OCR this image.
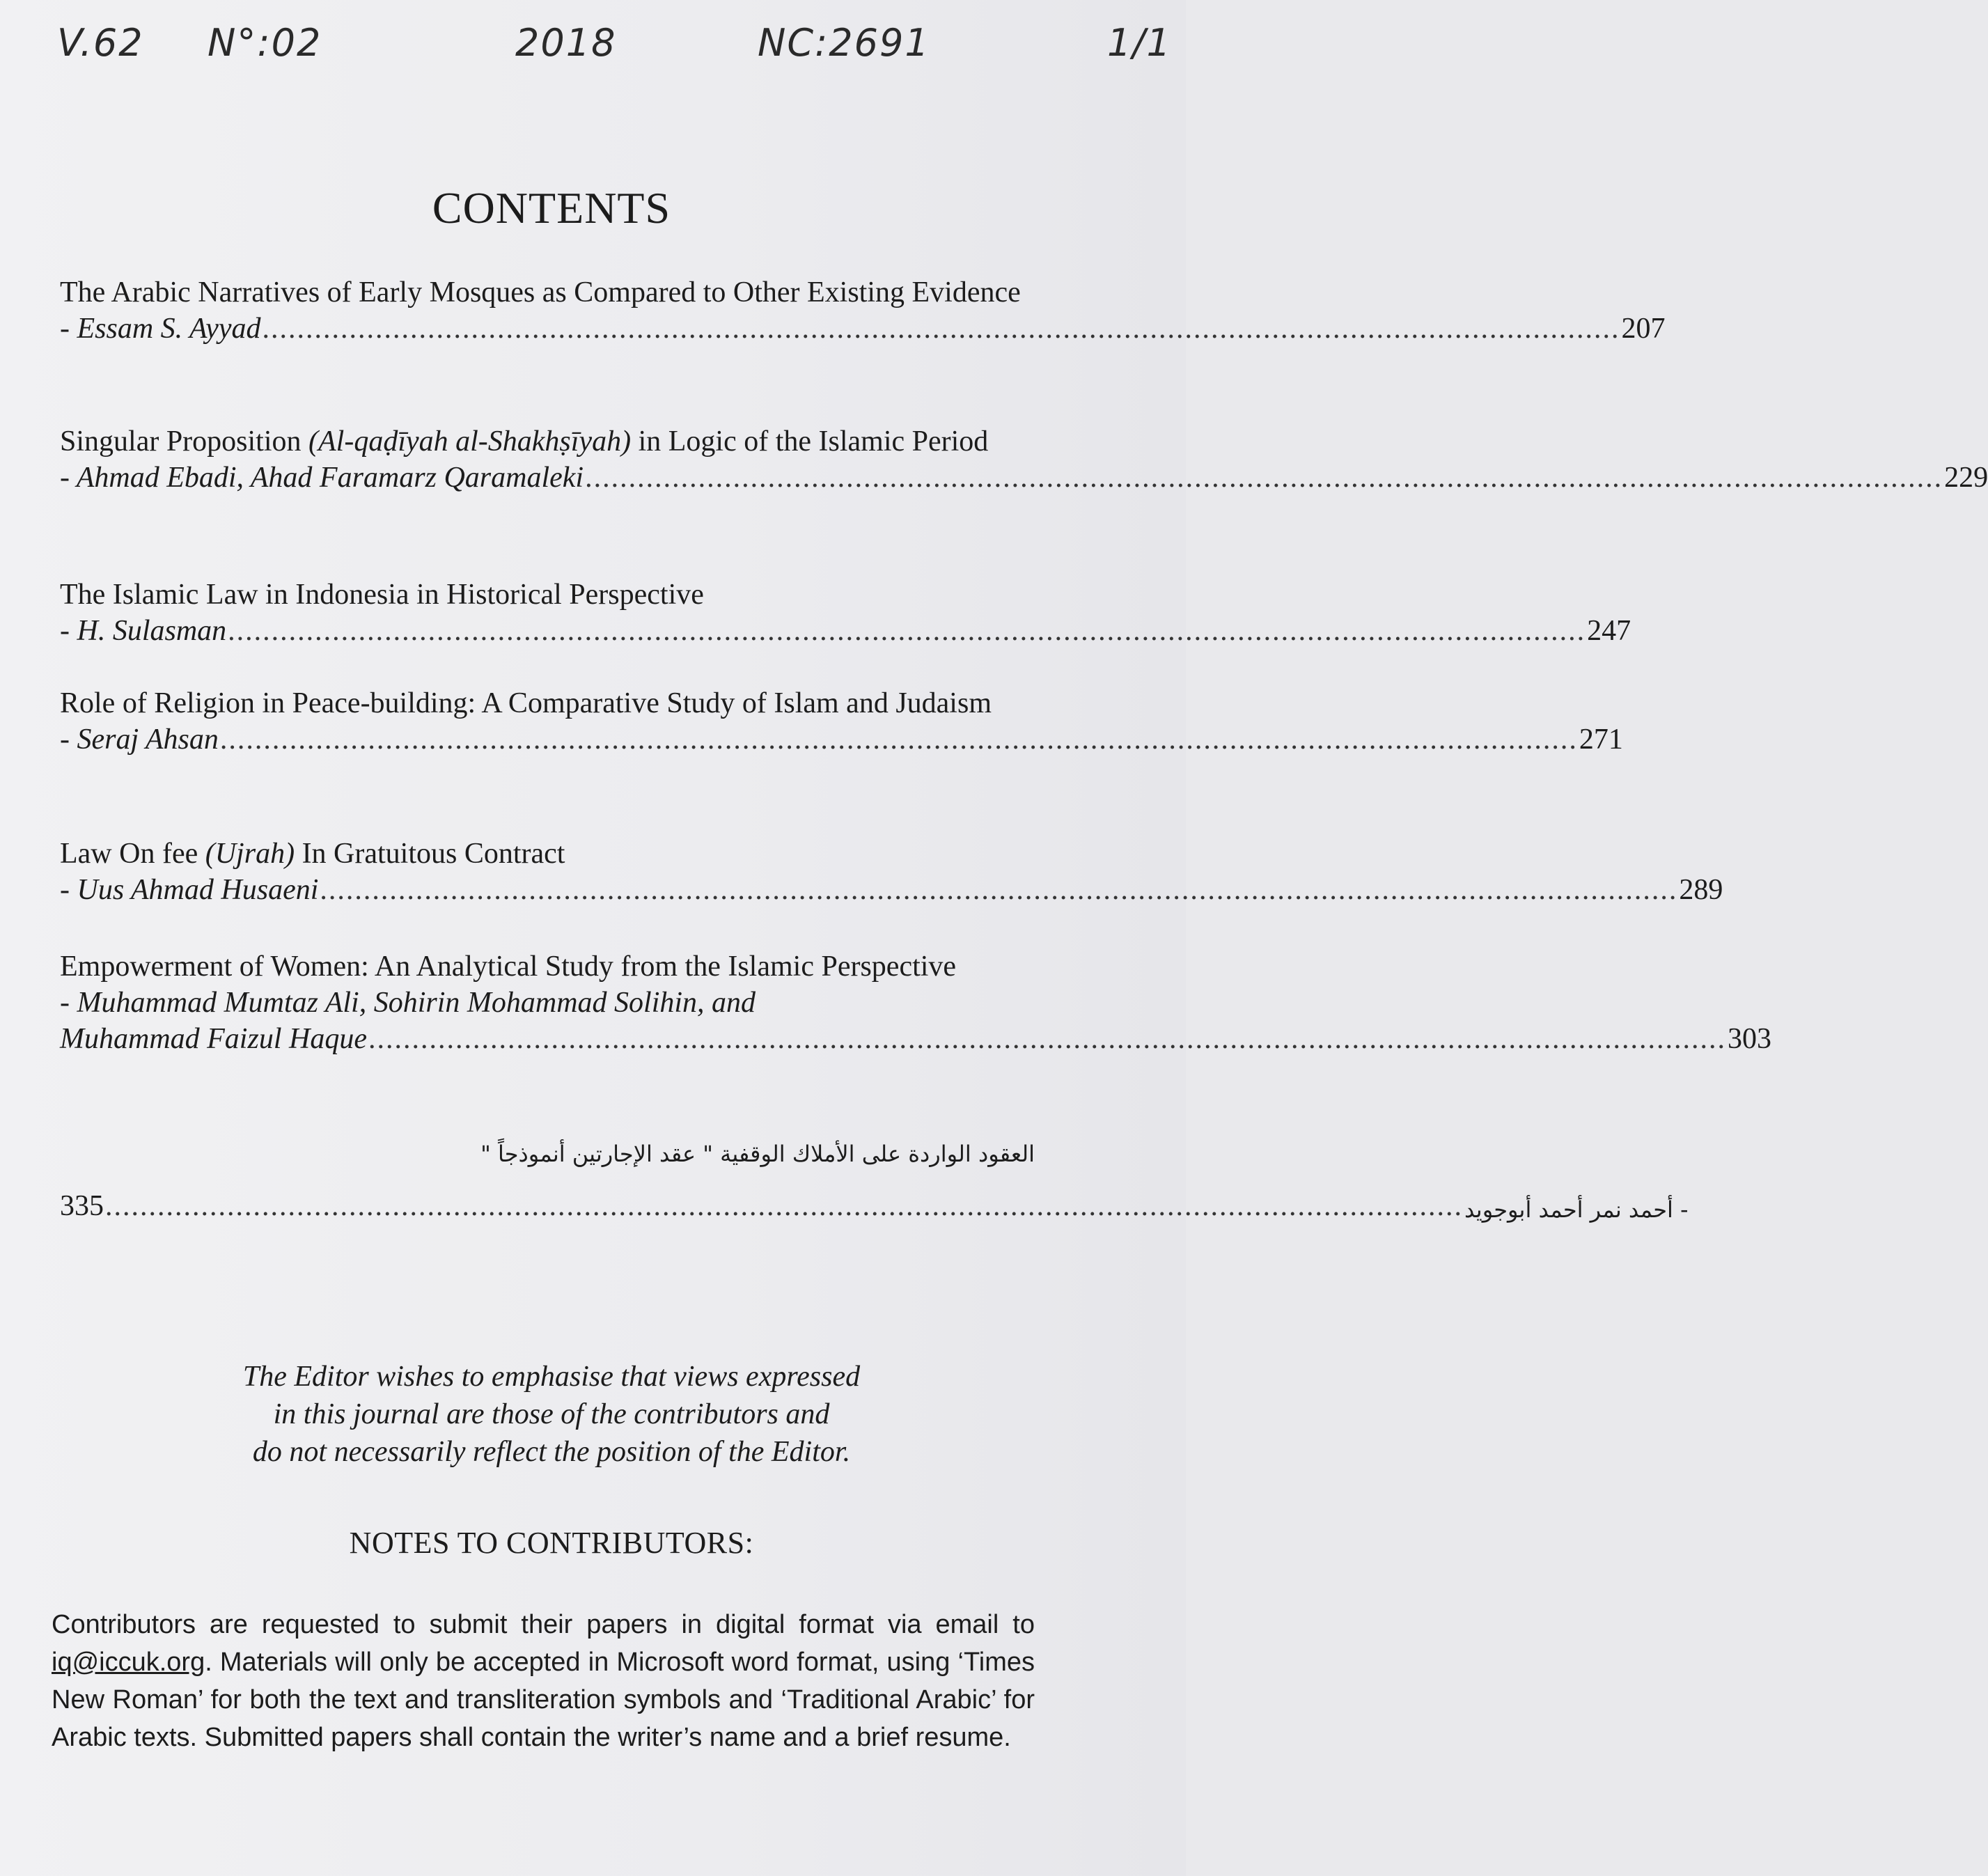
V.62 N°:02	2018	NC:2691	1/1
CONTENTS
The Arabic Narratives of Early Mosques as Compared to Other Existing Evidence
- Essam S. Ayyad ............................................................................................................................................................ 207
Singular Proposition (Al-qaḍīyah al-Shakhṣīyah) in Logic of the Islamic Period
- Ahmad Ebadi, Ahad Faramarz Qaramaleki ............................................................................................................................................................ 229
The Islamic Law in Indonesia in Historical Perspective
- H. Sulasman ............................................................................................................................................................ 247
Role of Religion in Peace-building: A Comparative Study of Islam and Judaism
- Seraj Ahsan ............................................................................................................................................................ 271
Law On fee (Ujrah) In Gratuitous Contract
- Uus Ahmad Husaeni ............................................................................................................................................................ 289
Empowerment of Women: An Analytical Study from the Islamic Perspective
- Muhammad Mumtaz Ali, Sohirin Mohammad Solihin, and
Muhammad Faizul Haque ............................................................................................................................................................ 303
العقود الواردة على الأملاك الوقفية " عقد الإجارتين أنموذجاً "
335 ............................................................................................................................................................ - أحمد نمر أحمد أبوجويد
The Editor wishes to emphasise that views expressed
in this journal are those of the contributors and
do not necessarily reflect the position of the Editor.
NOTES TO CONTRIBUTORS:
Contributors are requested to submit their papers in digital format via email to iq@iccuk.org. Materials will only be accepted in Microsoft word format, using ‘Times New Roman’ for both the text and transliteration symbols and ‘Traditional Arabic’ for Arabic texts. Submitted papers shall contain the writer’s name and a brief resume.
